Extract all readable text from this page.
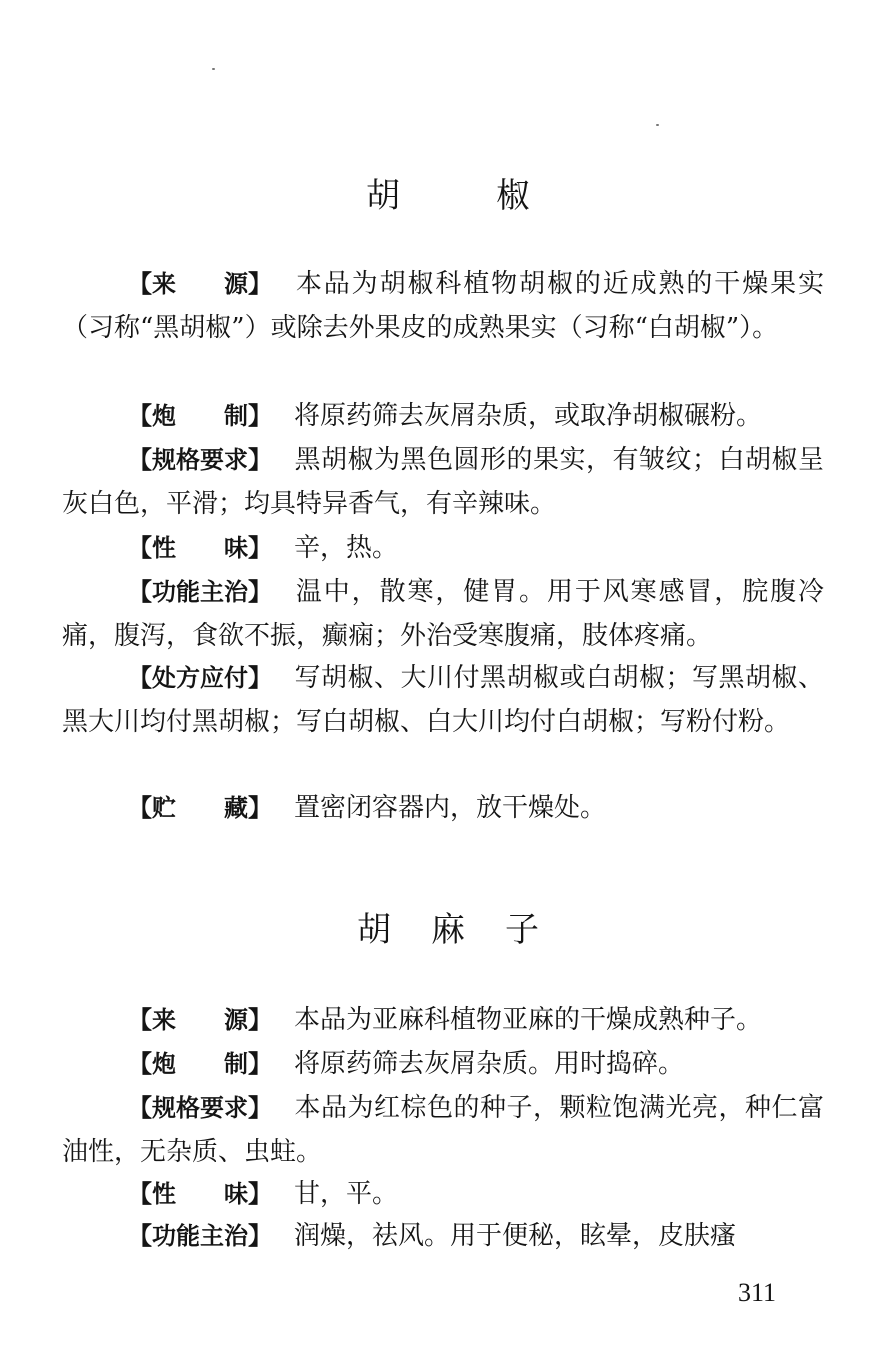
胡	椒

【来　　源】 本品为胡椒科植物胡椒的近成熟的干燥果实（习称“黑胡椒”）或除去外果皮的成熟果实（习称“白胡椒”）。

【炮　　制】 将原药筛去灰屑杂质，或取净胡椒碾粉。

【规格要求】 黑胡椒为黑色圆形的果实，有皱纹；白胡椒呈灰白色，平滑；均具特异香气，有辛辣味。

【性　　味】 辛，热。

【功能主治】 温中，散寒，健胃。用于风寒感冒，脘腹冷痛，腹泻，食欲不振，癫痫；外治受寒腹痛，肢体疼痛。

【处方应付】 写胡椒、大川付黑胡椒或白胡椒；写黑胡椒、黑大川均付黑胡椒；写白胡椒、白大川均付白胡椒；写粉付粉。

【贮　　藏】 置密闭容器内，放干燥处。

胡 麻 子

【来　　源】 本品为亚麻科植物亚麻的干燥成熟种子。

【炮　　制】 将原药筛去灰屑杂质。用时捣碎。

【规格要求】 本品为红棕色的种子，颗粒饱满光亮，种仁富油性，无杂质、虫蛀。

【性　　味】 甘，平。

【功能主治】 润燥，祛风。用于便秘，眩晕，皮肤瘙

311
